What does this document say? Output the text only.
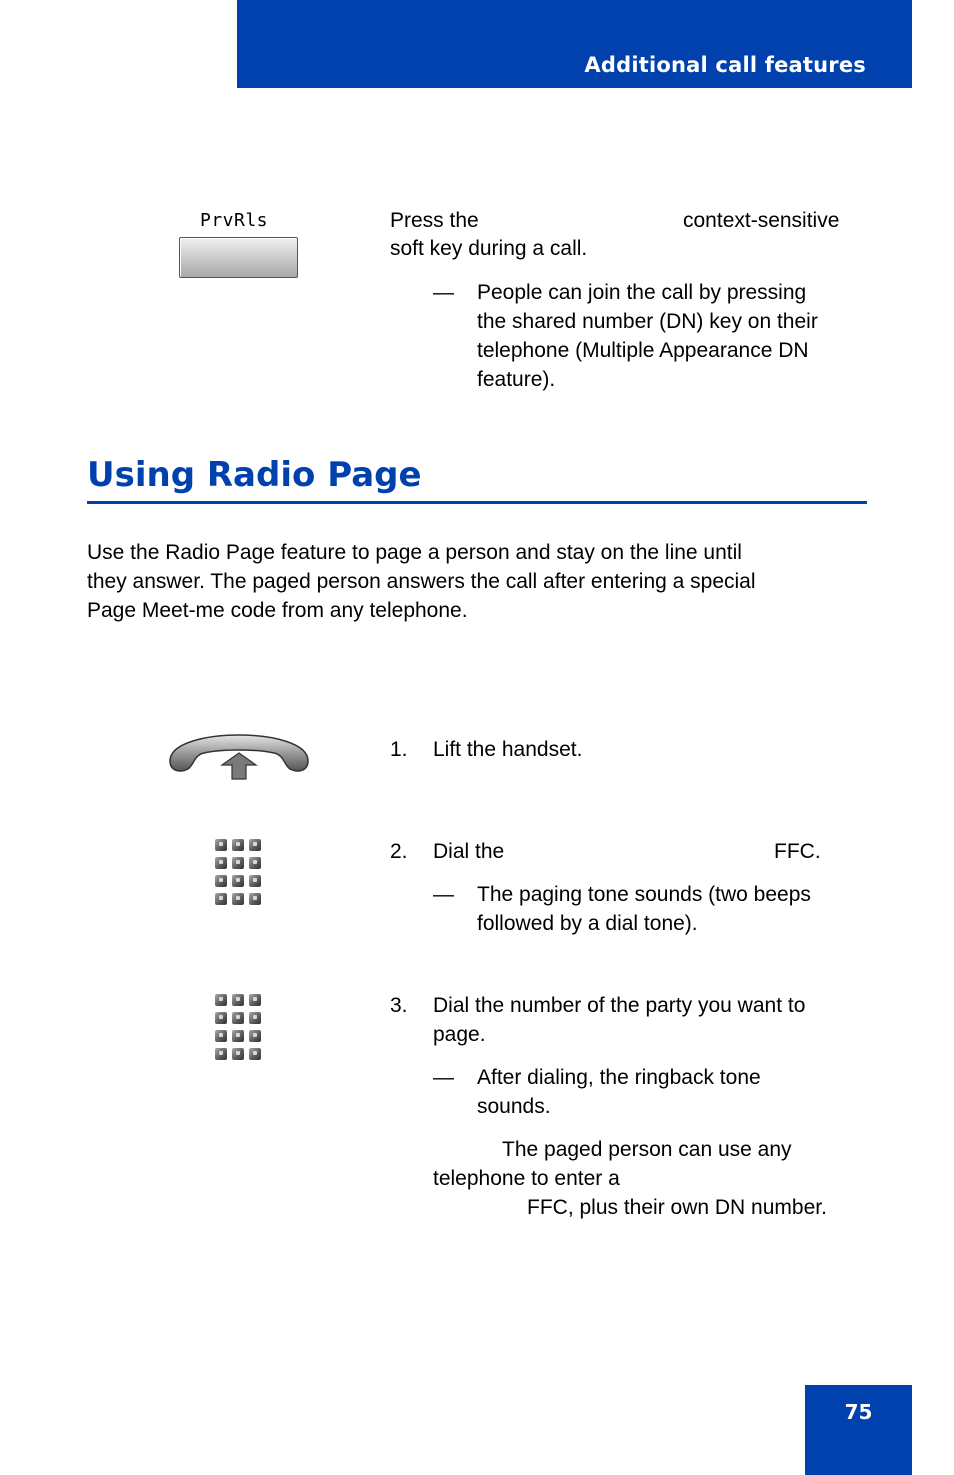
Additional call features
PrvRls	Press the	context-sensitive
soft key during a call.
— People can join the call by pressing
the shared number (DN) key on their
telephone (Multiple Appearance DN
feature).
Using Radio Page
Use the Radio Page feature to page a person and stay on the line until
they answer. The paged person answers the call after entering a special
Page Meet-me code from any telephone.
1. Lift the handset.
2. Dial the	FFC.
— The paging tone sounds (two beeps
followed by a dial tone).
3. Dial the number of the party you want to
page.
— After dialing, the ringback tone
sounds.
The paged person can use any
telephone to enter a
FFC, plus their own DN number.
75
